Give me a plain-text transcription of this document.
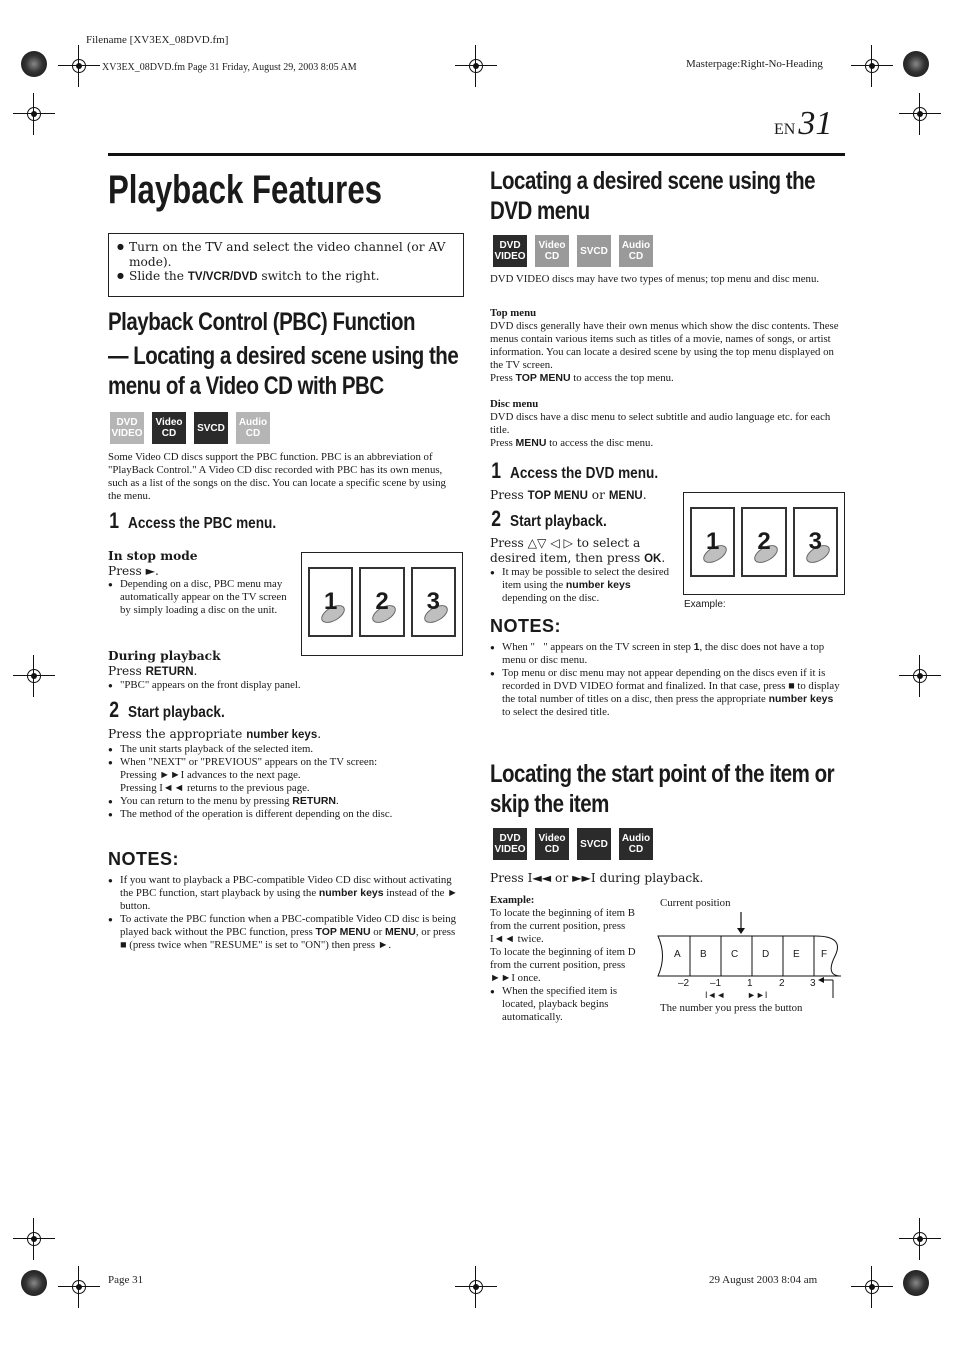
Filename [XV3EX_08DVD.fm]
XV3EX_08DVD.fm Page 31 Friday, August 29, 2003 8:05 AM	Masterpage:Right-No-Heading
EN 31
Playback Features
● Turn on the TV and select the video channel (or AV mode).
● Slide the TV/VCR/DVD switch to the right.
Playback Control (PBC) Function
— Locating a desired scene using the
menu of a Video CD with PBC
DVD VIDEO
Video CD	SVCD	Audio CD
Some Video CD discs support the PBC function. PBC is an abbreviation of "PlayBack Control." A Video CD disc recorded with PBC has its own menus, such as a list of the songs on the disc. You can locate a specific scene by using the menu.
1 Access the PBC menu.
In stop mode
Press ►.
● Depending on a disc, PBC menu may automatically appear on the TV screen by simply loading a disc on the unit.	1 2 3
During playback
Press RETURN.
● "PBC" appears on the front display panel.
2 Start playback.
Press the appropriate number keys.
● The unit starts playback of the selected item.
● When "NEXT" or "PREVIOUS" appears on the TV screen:
Pressing ►►I advances to the next page.
Pressing I◄◄ returns to the previous page.
● You can return to the menu by pressing RETURN.
● The method of the operation is different depending on the disc.
NOTES:
● If you want to playback a PBC-compatible Video CD disc without activating the PBC function, start playback by using the number keys instead of the ► button.
● To activate the PBC function when a PBC-compatible Video CD disc is being played back without the PBC function, press TOP MENU or MENU, or press ■ (press twice when "RESUME" is set to "ON") then press ►.
Locating a desired scene using the
DVD menu
DVD VIDEO
Video CD	SVCD	Audio CD
DVD VIDEO discs may have two types of menus; top menu and disc menu.
Top menu
DVD discs generally have their own menus which show the disc contents. These menus contain various items such as titles of a movie, names of songs, or artist information. You can locate a desired scene by using the top menu displayed on the TV screen.
Press TOP MENU to access the top menu.
Disc menu
DVD discs have a disc menu to select subtitle and audio language etc. for each title.
Press MENU to access the disc menu.
1 Access the DVD menu.
Press TOP MENU or MENU.
2 Start playback.
Press △▽ ◁ ▷ to select a desired item, then press OK.
● It may be possible to select the desired item using the number keys depending on the disc.
1 2 3
Example:
NOTES:
● When "⃠" appears on the TV screen in step 1, the disc does not have a top menu or disc menu.
● Top menu or disc menu may not appear depending on the discs even if it is recorded in DVD VIDEO format and finalized. In that case, press ■ to display the total number of titles on a disc, then press the appropriate number keys to select the desired title.
Locating the start point of the item or
skip the item
DVD VIDEO
Video CD	SVCD	Audio CD
Press I◄◄ or ►►I during playback.
Example:
To locate the beginning of item B from the current position, press I◄◄ twice.
To locate the beginning of item D from the current position, press ►►I once.
● When the specified item is located, playback begins automatically.
Current position
A B C D E F
–2 –1	1	2	3
I◄◄ ►►I
The number you press the button
Page 31	29 August 2003 8:04 am
